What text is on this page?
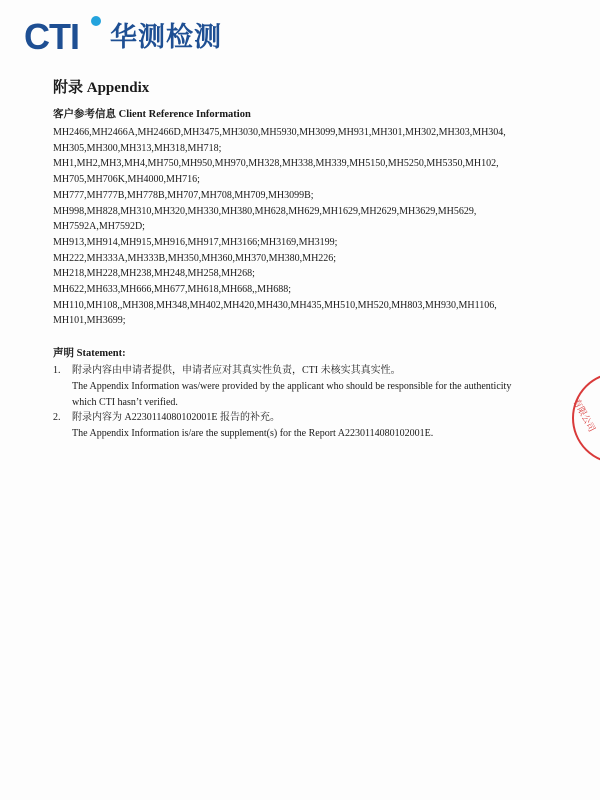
CTI 华测检测
附录 Appendix
客户参考信息 Client Reference Information
MH2466,MH2466A,MH2466D,MH3475,MH3030,MH5930,MH3099,MH931,MH301,MH302,MH303,MH304,
MH305,MH300,MH313,MH318,MH718;
MH1,MH2,MH3,MH4,MH750,MH950,MH970,MH328,MH338,MH339,MH5150,MH5250,MH5350,MH102,
MH705,MH706K,MH4000,MH716;
MH777,MH777B,MH778B,MH707,MH708,MH709,MH3099B;
MH998,MH828,MH310,MH320,MH330,MH380,MH628,MH629,MH1629,MH2629,MH3629,MH5629,
MH7592A,MH7592D;
MH913,MH914,MH915,MH916,MH917,MH3166;MH3169,MH3199;
MH222,MH333A,MH333B,MH350,MH360,MH370,MH380,MH226;
MH218,MH228,MH238,MH248,MH258,MH268;
MH622,MH633,MH666,MH677,MH618,MH668,,MH688;
MH110,MH108,,MH308,MH348,MH402,MH420,MH430,MH435,MH510,MH520,MH803,MH930,MH1106,
MH101,MH3699;
声明 Statement:
1. 附录内容由申请者提供，申请者应对其真实性负责，CTI 未核实其真实性。
The Appendix Information was/were provided by the applicant who should be responsible for the authenticity
which CTI hasn’t verified.
2. 附录内容为 A2230114080102001E 报告的补充。
The Appendix Information is/are the supplement(s) for the Report A2230114080102001E.	有限公司
